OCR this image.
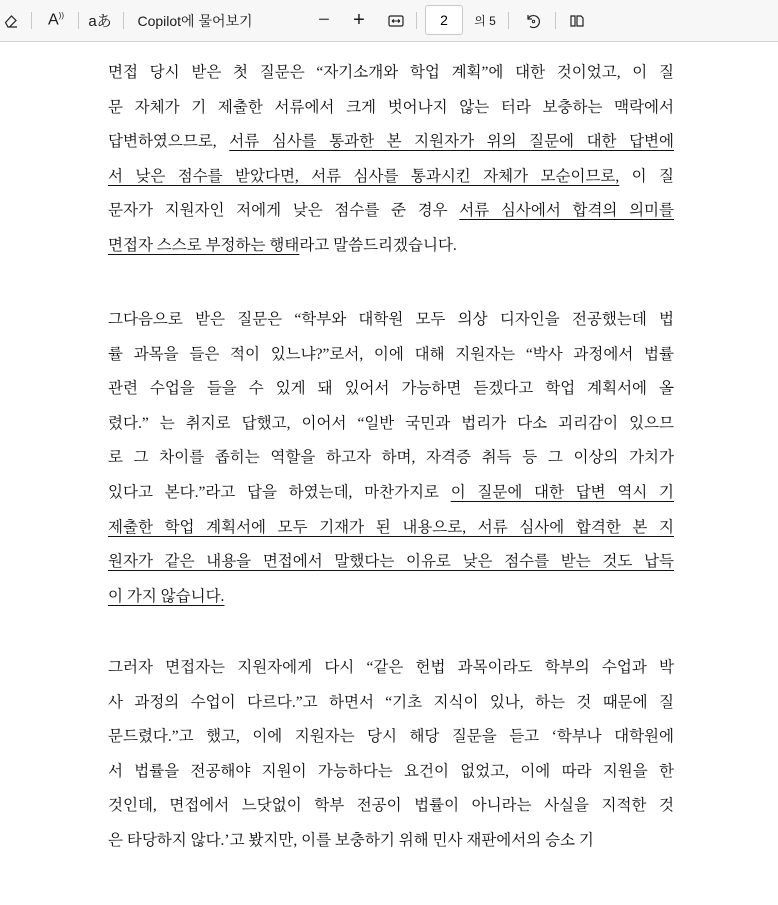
A)) aあ Copilot에 물어보기	− +
2	의 5
면접 당시 받은 첫 질문은 “자기소개와 학업 계획”에 대한 것이었고, 이 질
문 자체가 기 제출한 서류에서 크게 벗어나지 않는 터라 보충하는 맥락에서
답변하였으므로, 서류 심사를 통과한 본 지원자가 위의 질문에 대한 답변에
서 낮은 점수를 받았다면, 서류 심사를 통과시킨 자체가 모순이므로, 이 질
문자가 지원자인 저에게 낮은 점수를 준 경우 서류 심사에서 합격의 의미를
면접자 스스로 부정하는 행태라고 말씀드리겠습니다.
그다음으로 받은 질문은 “학부와 대학원 모두 의상 디자인을 전공했는데 법
률 과목을 들은 적이 있느냐?”로서, 이에 대해 지원자는 “박사 과정에서 법률
관련 수업을 들을 수 있게 돼 있어서 가능하면 듣겠다고 학업 계획서에 올
렸다.” 는 취지로 답했고, 이어서 “일반 국민과 법리가 다소 괴리감이 있으므
로 그 차이를 좁히는 역할을 하고자 하며, 자격증 취득 등 그 이상의 가치가
있다고 본다.”라고 답을 하였는데, 마찬가지로 이 질문에 대한 답변 역시 기
제출한 학업 계획서에 모두 기재가 된 내용으로, 서류 심사에 합격한 본 지
원자가 같은 내용을 면접에서 말했다는 이유로 낮은 점수를 받는 것도 납득
이 가지 않습니다.
그러자 면접자는 지원자에게 다시 “같은 헌법 과목이라도 학부의 수업과 박
사 과정의 수업이 다르다.”고 하면서 “기초 지식이 있나, 하는 것 때문에 질
문드렸다.”고 했고, 이에 지원자는 당시 해당 질문을 듣고 ‘학부나 대학원에
서 법률을 전공해야 지원이 가능하다는 요건이 없었고, 이에 따라 지원을 한
것인데, 면접에서 느닷없이 학부 전공이 법률이 아니라는 사실을 지적한 것
은 타당하지 않다.’고 봤지만, 이를 보충하기 위해 민사 재판에서의 승소 기
